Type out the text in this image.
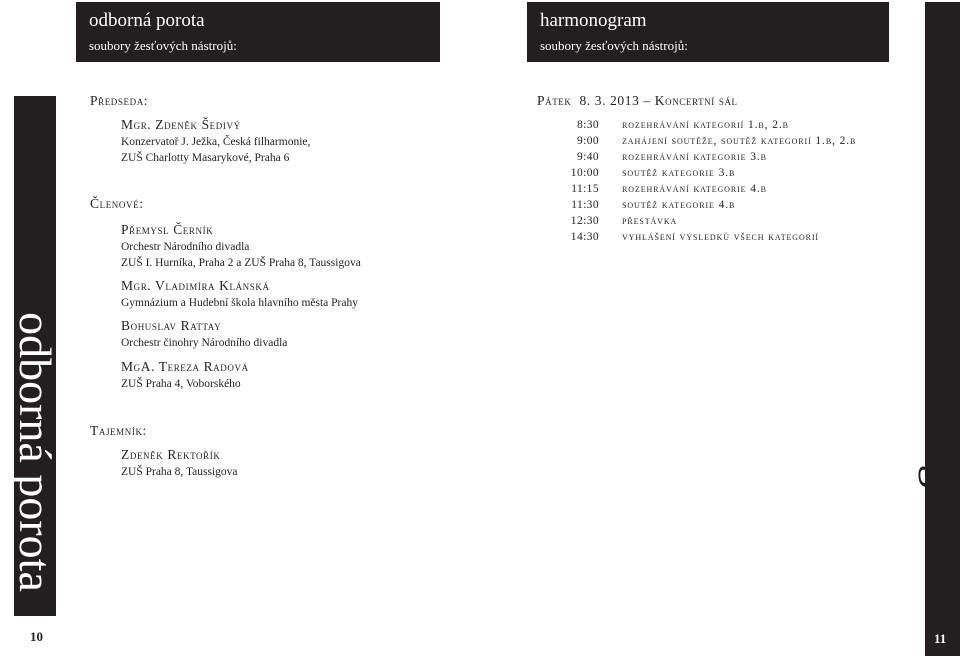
odborná porota
soubory žesťových nástrojů:
harmonogram
soubory žesťových nástrojů:
odborná porota	harmonogram
10	11
Předseda:
Mgr. Zdeněk Šedivý
Konzervatoř J. Ježka, Česká filharmonie,
ZUŠ Charlotty Masarykové, Praha 6
Členové:
Přemysl Černík
Orchestr Národního divadla
ZUŠ I. Hurníka, Praha 2 a ZUŠ Praha 8, Taussigova
Mgr. Vladimíra Klánská
Gymnázium a Hudební škola hlavního města Prahy
Bohuslav Rattay
Orchestr činohry Národního divadla
MgA. Tereza Radová
ZUŠ Praha 4, Voborského
Tajemník:
Zdeněk Rektořík
ZUŠ Praha 8, Taussigova
Pátek  8. 3. 2013 – Koncertní sál
8:30 rozehrávání kategorií 1.b, 2.b
9:00 zahájení soutěže, soutěž kategorií 1.b, 2.b
9:40 rozehrávání kategorie 3.b
10:00 soutěž kategorie 3.b
11:15 rozehrávání kategorie 4.b
11:30 soutěž kategorie 4.b
12:30 přestávka
14:30 vyhlášení výsledků všech kategorií
